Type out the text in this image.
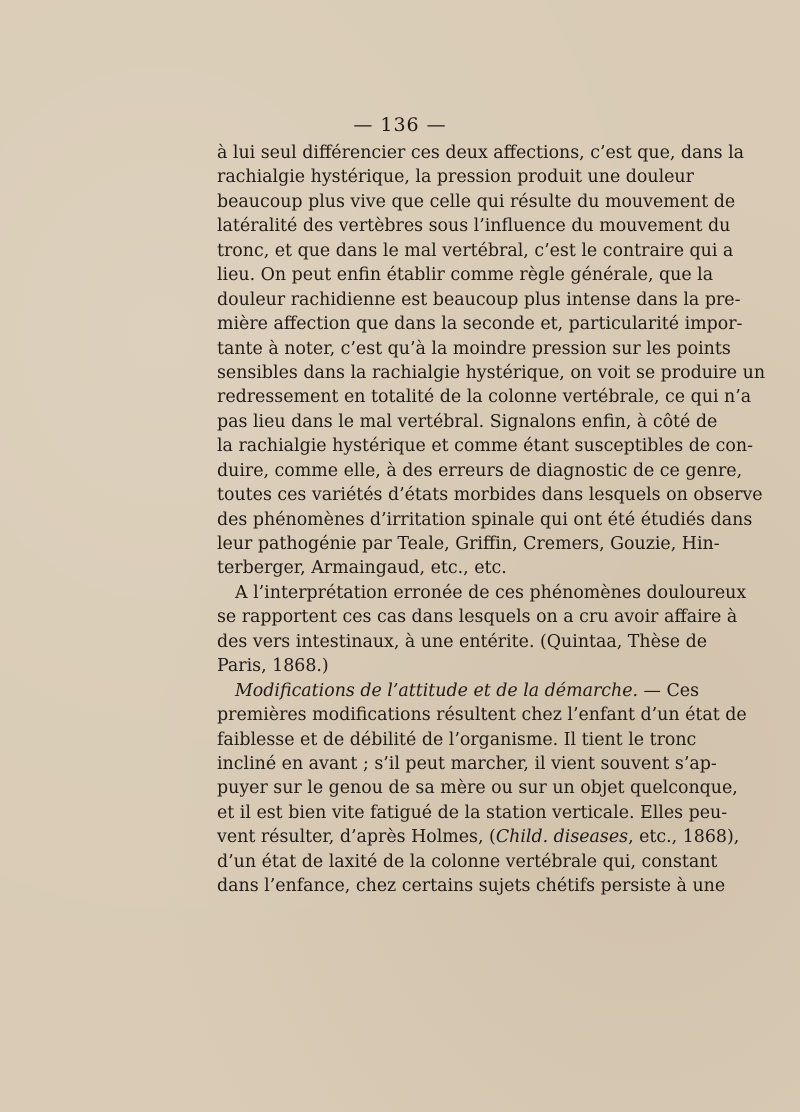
— 136 —
à lui seul différencier ces deux affections, c’est que, dans la
rachialgie hystérique, la pression produit une douleur
beaucoup plus vive que celle qui résulte du mouvement de
latéralité des vertèbres sous l’influence du mouvement du
tronc, et que dans le mal vertébral, c’est le contraire qui a
lieu. On peut enfin établir comme règle générale, que la
douleur rachidienne est beaucoup plus intense dans la pre-
mière affection que dans la seconde et, particularité impor-
tante à noter, c’est qu’à la moindre pression sur les points
sensibles dans la rachialgie hystérique, on voit se produire un
redressement en totalité de la colonne vertébrale, ce qui n’a
pas lieu dans le mal vertébral. Signalons enfin, à côté de
la rachialgie hystérique et comme étant susceptibles de con-
duire, comme elle, à des erreurs de diagnostic de ce genre,
toutes ces variétés d’états morbides dans lesquels on observe
des phénomènes d’irritation spinale qui ont été étudiés dans
leur pathogénie par Teale, Griffin, Cremers, Gouzie, Hin-
terberger, Armaingaud, etc., etc.
A l’interprétation erronée de ces phénomènes douloureux
se rapportent ces cas dans lesquels on a cru avoir affaire à
des vers intestinaux, à une entérite. (Quintaa, Thèse de
Paris, 1868.)
Modifications de l’attitude et de la démarche. — Ces
premières modifications résultent chez l’enfant d’un état de
faiblesse et de débilité de l’organisme. Il tient le tronc
incliné en avant ; s’il peut marcher, il vient souvent s’ap-
puyer sur le genou de sa mère ou sur un objet quelconque,
et il est bien vite fatigué de la station verticale. Elles peu-
vent résulter, d’après Holmes, (Child. diseases, etc., 1868),
d’un état de laxité de la colonne vertébrale qui, constant
dans l’enfance, chez certains sujets chétifs persiste à une
